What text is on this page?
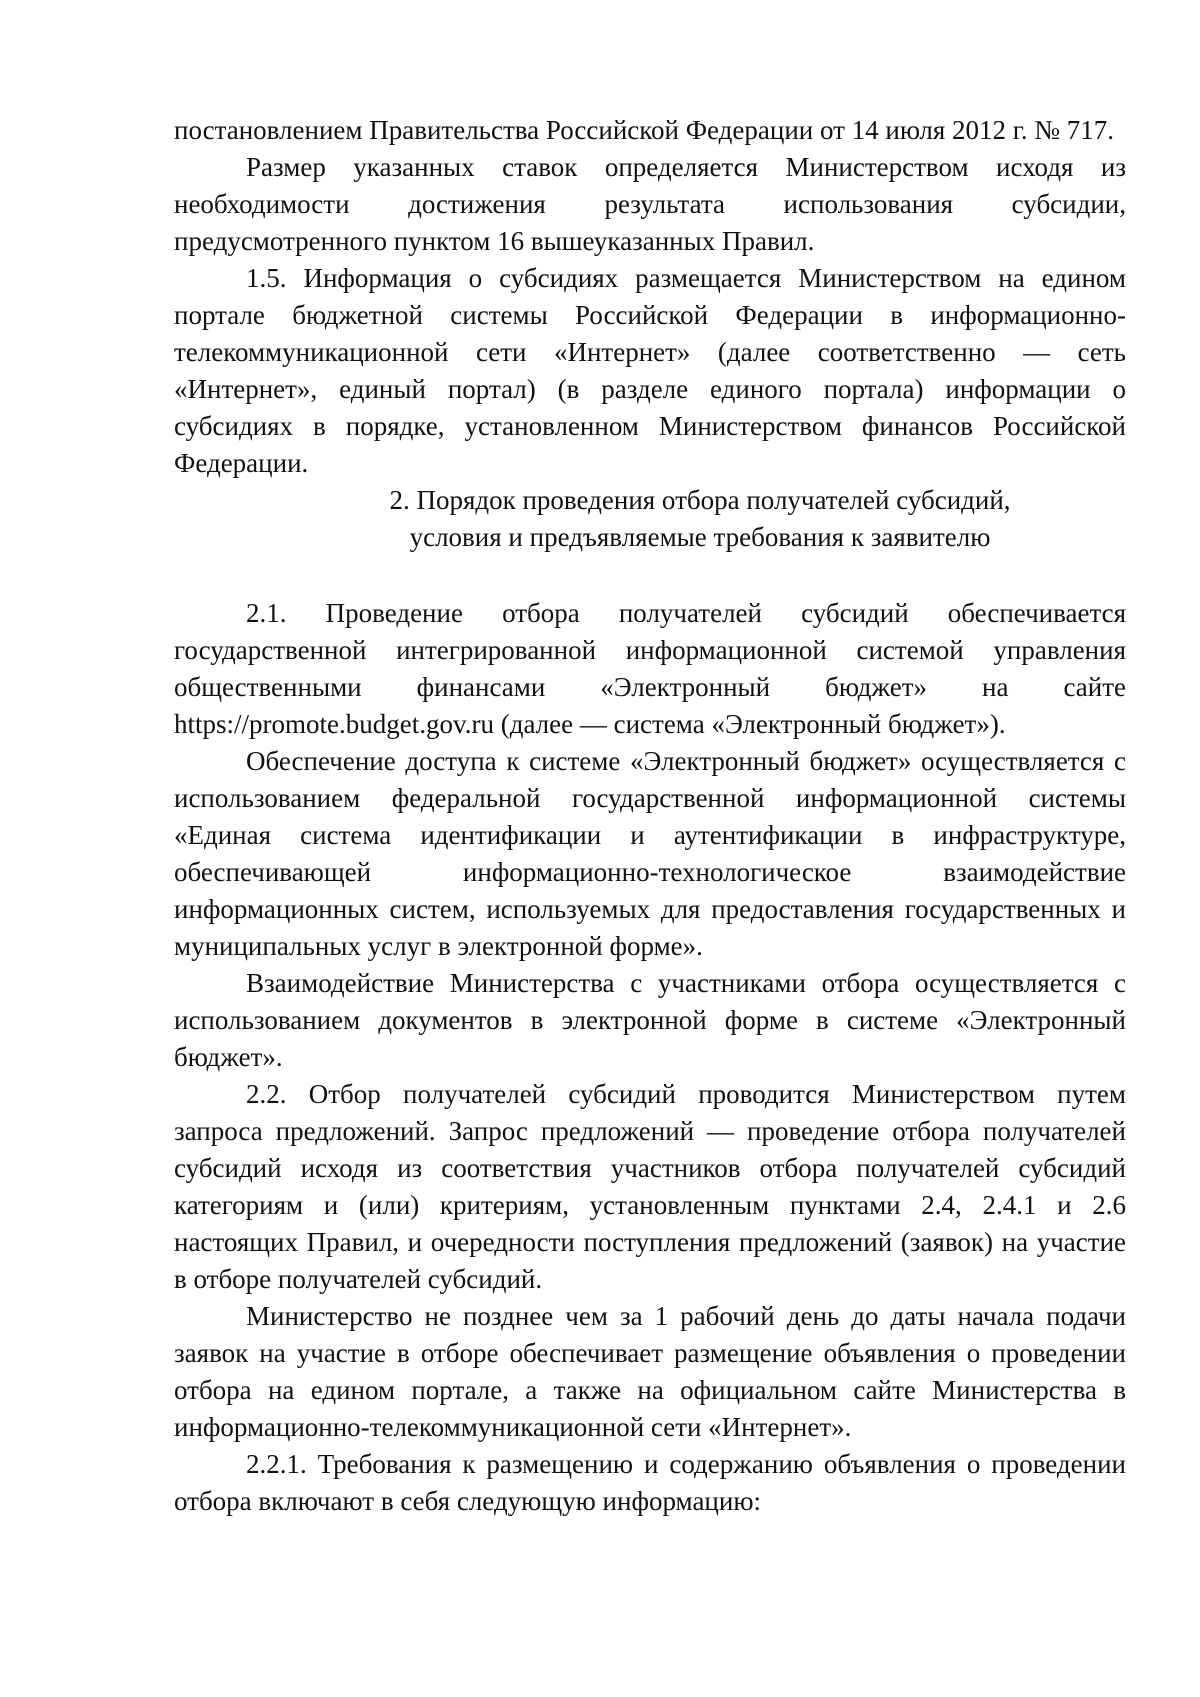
постановлением Правительства Российской Федерации от 14 июля 2012 г. № 717.

Размер указанных ставок определяется Министерством исходя из необходимости достижения результата использования субсидии, предусмотренного пунктом 16 вышеуказанных Правил.

1.5. Информация о субсидиях размещается Министерством на едином портале бюджетной системы Российской Федерации в информационно-телекоммуникационной сети «Интернет» (далее соответственно — сеть «Интернет», единый портал) (в разделе единого портала) информации о субсидиях в порядке, установленном Министерством финансов Российской Федерации.

2. Порядок проведения отбора получателей субсидий,
условия и предъявляемые требования к заявителю

2.1. Проведение отбора получателей субсидий обеспечивается государственной интегрированной информационной системой управления общественными финансами «Электронный бюджет» на сайте https://promote.budget.gov.ru (далее — система «Электронный бюджет»).

Обеспечение доступа к системе «Электронный бюджет» осуществляется с использованием федеральной государственной информационной системы «Единая система идентификации и аутентификации в инфраструктуре, обеспечивающей информационно-технологическое взаимодействие информационных систем, используемых для предоставления государственных и муниципальных услуг в электронной форме».

Взаимодействие Министерства с участниками отбора осуществляется с использованием документов в электронной форме в системе «Электронный бюджет».

2.2. Отбор получателей субсидий проводится Министерством путем запроса предложений. Запрос предложений — проведение отбора получателей субсидий исходя из соответствия участников отбора получателей субсидий категориям и (или) критериям, установленным пунктами 2.4, 2.4.1 и 2.6 настоящих Правил, и очередности поступления предложений (заявок) на участие в отборе получателей субсидий.

Министерство не позднее чем за 1 рабочий день до даты начала подачи заявок на участие в отборе обеспечивает размещение объявления о проведении отбора на едином портале, а также на официальном сайте Министерства в информационно-телекоммуникационной сети «Интернет».

2.2.1. Требования к размещению и содержанию объявления о проведении отбора включают в себя следующую информацию:
